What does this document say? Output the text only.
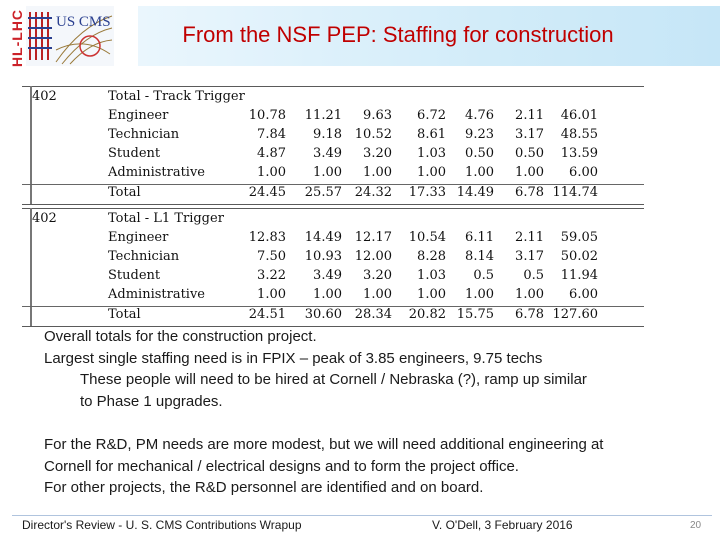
HL-LHC US CMS	From the NSF PEP: Staffing for construction
402	Total - Track Trigger
Engineer	10.78	11.21	9.63	6.72	4.76	2.11	46.01
Technician	7.84	9.18 10.52	8.61	9.23	3.17	48.55
Student	4.87	3.49	3.20	1.03	0.50	0.50	13.59
Administrative	1.00	1.00	1.00	1.00	1.00	1.00	6.00
Total	24.45	25.57 24.32	17.33 14.49	6.78 114.74
402	Total - L1 Trigger
Engineer	12.83	14.49 12.17	10.54	6.11	2.11	59.05
Technician	7.50	10.93 12.00	8.28	8.14	3.17	50.02
Student	3.22	3.49	3.20	1.03	0.5	0.5	11.94
Administrative	1.00	1.00	1.00	1.00	1.00	1.00	6.00
Total	24.51	30.60 28.34	20.82 15.75	6.78 127.60

Overall totals for the construction project.

Largest single staffing need is in FPIX – peak of 3.85 engineers, 9.75 techs

These people will need to be hired at Cornell / Nebraska (?), ramp up similar

to Phase 1 upgrades.

For the R&D, PM needs are more modest, but we will need additional engineering at

Cornell for mechanical / electrical designs and to form the project office.

For other projects, the R&D personnel are identified and on board.

Director's Review - U. S. CMS Contributions Wrapup	V. O'Dell, 3 February 2016	20
